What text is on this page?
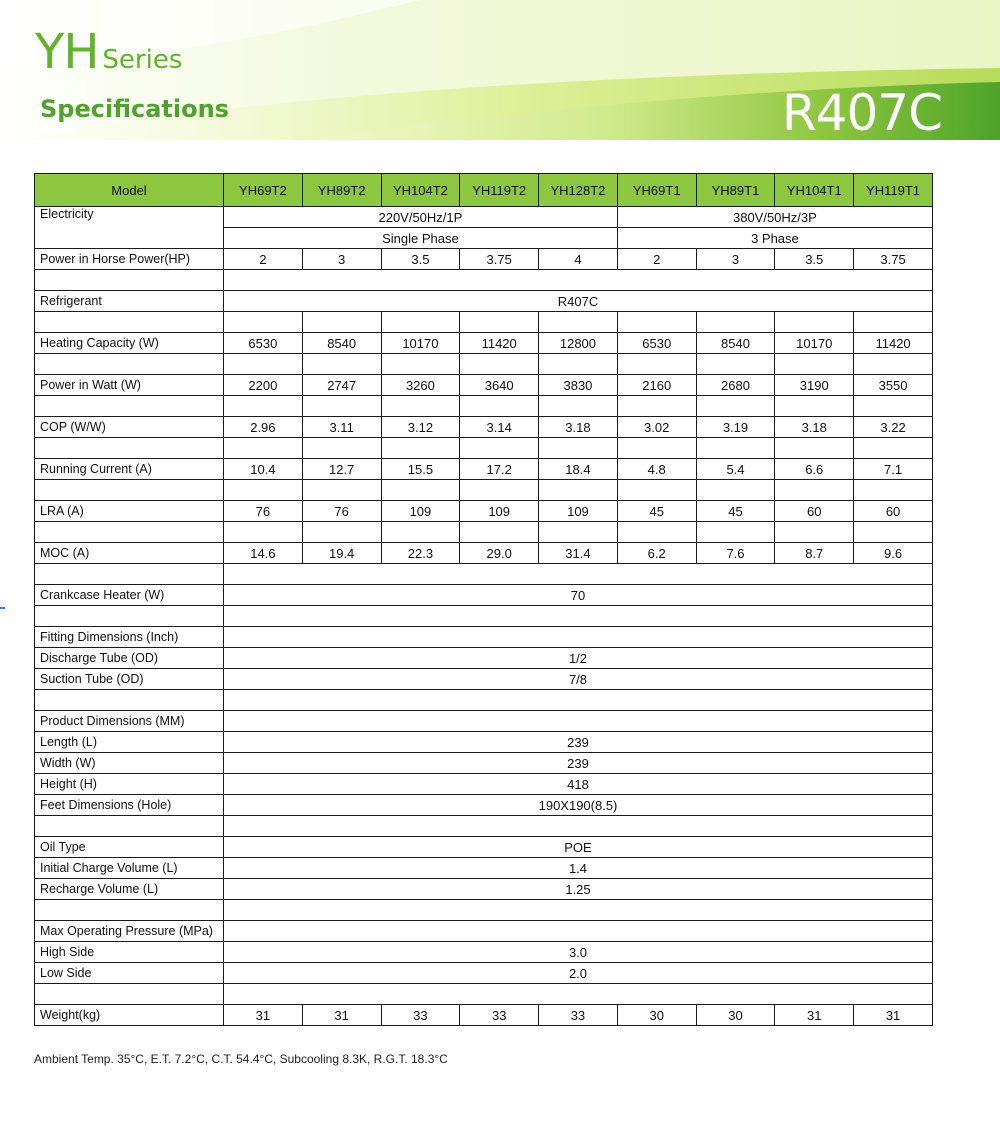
YH Series
Specifications	R407C
Model	YH69T2	YH89T2	YH104T2	YH119T2	YH128T2	YH69T1	YH89T1	YH104T1	YH119T1
Electricity	220V/50Hz/1P					380V/50Hz/3P			
	Single Phase					3 Phase			
Power in Horse Power(HP)	2	3	3.5	3.75	4	2	3	3.5	3.75

Refrigerant	R407C								

Heating Capacity (W)	6530	8540	10170	11420	12800	6530	8540	10170	11420

Power in Watt (W)	2200	2747	3260	3640	3830	2160	2680	3190	3550

COP (W/W)	2.96	3.11	3.12	3.14	3.18	3.02	3.19	3.18	3.22

Running Current (A)	10.4	12.7	15.5	17.2	18.4	4.8	5.4	6.6	7.1

LRA (A)	76	76	109	109	109	45	45	60	60

MOC (A)	14.6	19.4	22.3	29.0	31.4	6.2	7.6	8.7	9.6

Crankcase Heater (W)	70								

Fitting Dimensions (Inch)									
Discharge Tube (OD)	1/2								
Suction Tube (OD)	7/8								

Product Dimensions (MM)									
Length (L)	239								
Width (W)	239								
Height (H)	418								
Feet Dimensions (Hole)	190X190(8.5)								

Oil Type	POE								
Initial Charge Volume (L)	1.4								
Recharge Volume (L)	1.25								

Max Operating Pressure (MPa)									
High Side	3.0								
Low Side	2.0								

Weight(kg)	31	31	33	33	33	30	30	31	31
Ambient Temp. 35°C, E.T. 7.2°C, C.T. 54.4°C, Subcooling 8.3K, R.G.T. 18.3°C
